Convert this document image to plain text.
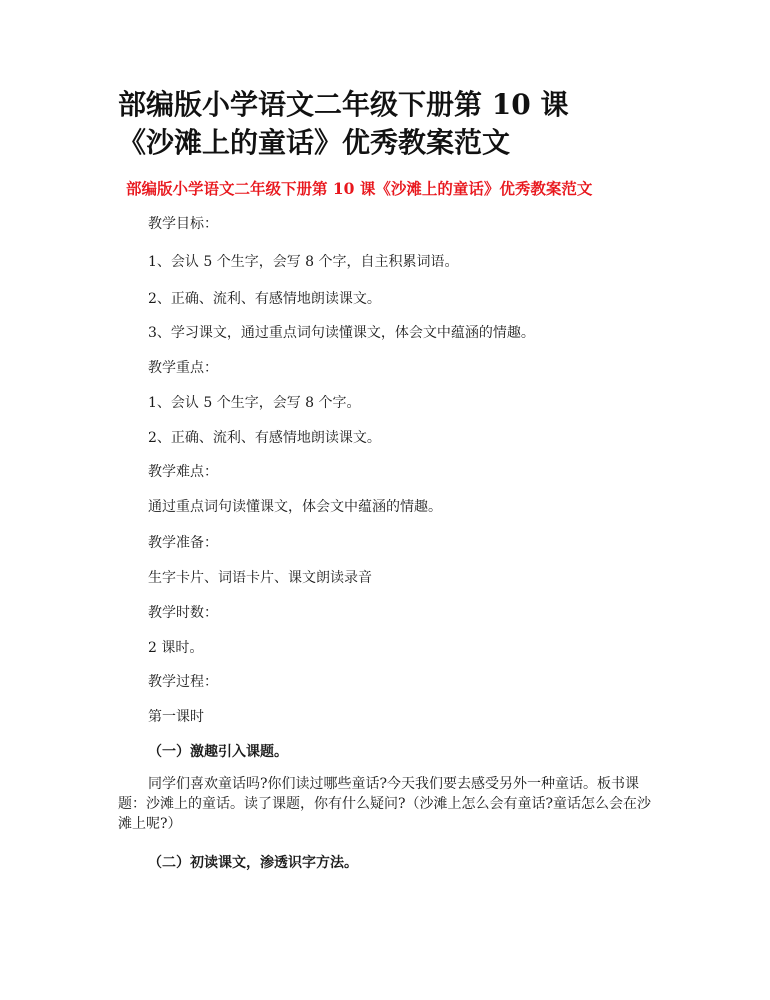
部编版小学语文二年级下册第 10 课
《沙滩上的童话》优秀教案范文

部编版小学语文二年级下册第 10 课《沙滩上的童话》优秀教案范文

教学目标：

1、会认 5 个生字，会写 8 个字，自主积累词语。

2、正确、流利、有感情地朗读课文。

3、学习课文，通过重点词句读懂课文，体会文中蕴涵的情趣。

教学重点：

1、会认 5 个生字，会写 8 个字。

2、正确、流利、有感情地朗读课文。

教学难点：

通过重点词句读懂课文，体会文中蕴涵的情趣。

教学准备：

生字卡片、词语卡片、课文朗读录音

教学时数：

2 课时。

教学过程：

第一课时

（一）激趣引入课题。

同学们喜欢童话吗?你们读过哪些童话?今天我们要去感受另外一种童话。板书课题：沙滩上的童话。读了课题，你有什么疑问?（沙滩上怎么会有童话?童话怎么会在沙滩上呢?）

（二）初读课文，渗透识字方法。
